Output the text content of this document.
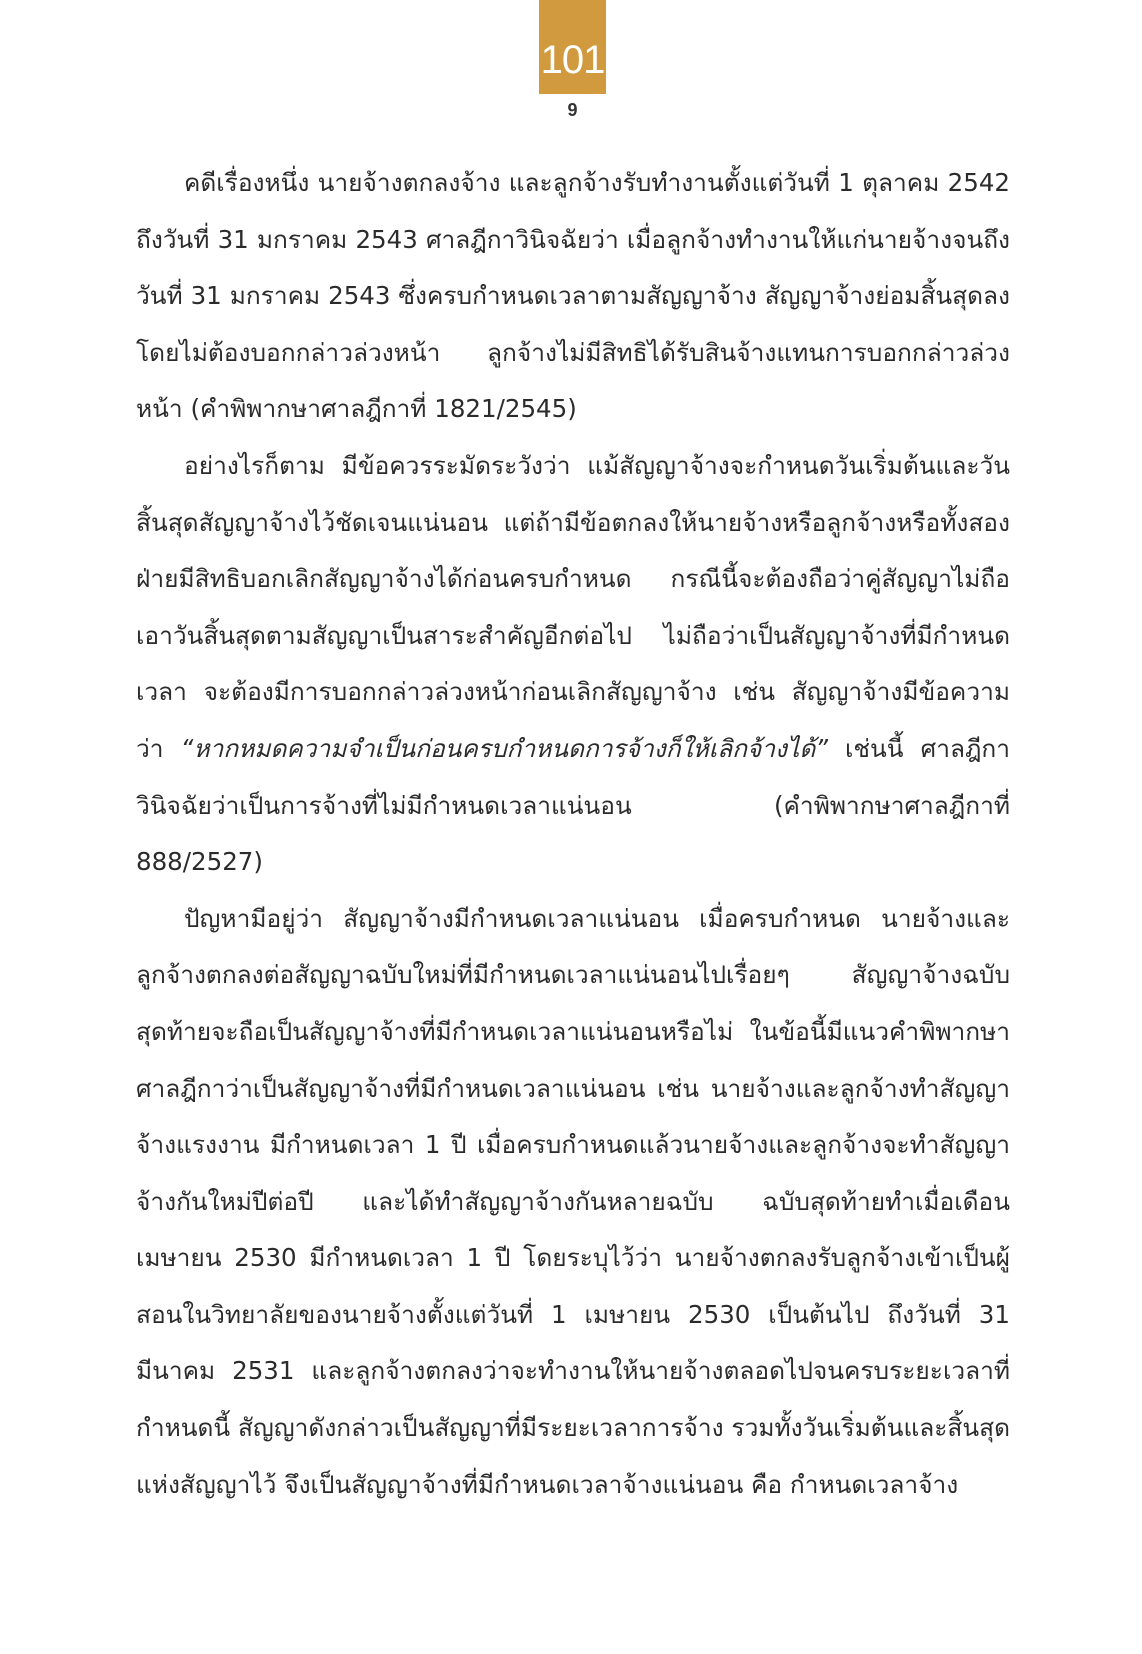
101
9

คดีเรื่องหนึ่ง นายจ้างตกลงจ้าง และลูกจ้างรับทำงานตั้งแต่วันที่ 1 ตุลาคม 2542 ถึงวันที่ 31 มกราคม 2543 ศาลฎีกาวินิจฉัยว่า เมื่อลูกจ้างทำงานให้แก่นายจ้างจนถึงวันที่ 31 มกราคม 2543 ซึ่งครบกำหนดเวลาตามสัญญาจ้าง สัญญาจ้างย่อมสิ้นสุดลงโดยไม่ต้องบอกกล่าวล่วงหน้า ลูกจ้างไม่มีสิทธิได้รับสินจ้างแทนการบอกกล่าวล่วงหน้า (คำพิพากษาศาลฎีกาที่ 1821/2545)

อย่างไรก็ตาม มีข้อควรระมัดระวังว่า แม้สัญญาจ้างจะกำหนดวันเริ่มต้นและวันสิ้นสุดสัญญาจ้างไว้ชัดเจนแน่นอน แต่ถ้ามีข้อตกลงให้นายจ้างหรือลูกจ้างหรือทั้งสองฝ่ายมีสิทธิบอกเลิกสัญญาจ้างได้ก่อนครบกำหนด กรณีนี้จะต้องถือว่าคู่สัญญาไม่ถือเอาวันสิ้นสุดตามสัญญาเป็นสาระสำคัญอีกต่อไป ไม่ถือว่าเป็นสัญญาจ้างที่มีกำหนดเวลา จะต้องมีการบอกกล่าวล่วงหน้าก่อนเลิกสัญญาจ้าง เช่น สัญญาจ้างมีข้อความว่า “หากหมดความจำเป็นก่อนครบกำหนดการจ้างก็ให้เลิกจ้างได้” เช่นนี้ ศาลฎีกาวินิจฉัยว่าเป็นการจ้างที่ไม่มีกำหนดเวลาแน่นอน (คำพิพากษาศาลฎีกาที่ 888/2527)

ปัญหามีอยู่ว่า สัญญาจ้างมีกำหนดเวลาแน่นอน เมื่อครบกำหนด นายจ้างและลูกจ้างตกลงต่อสัญญาฉบับใหม่ที่มีกำหนดเวลาแน่นอนไปเรื่อยๆ สัญญาจ้างฉบับสุดท้ายจะถือเป็นสัญญาจ้างที่มีกำหนดเวลาแน่นอนหรือไม่ ในข้อนี้มีแนวคำพิพากษาศาลฎีกาว่าเป็นสัญญาจ้างที่มีกำหนดเวลาแน่นอน เช่น นายจ้างและลูกจ้างทำสัญญาจ้างแรงงาน มีกำหนดเวลา 1 ปี เมื่อครบกำหนดแล้วนายจ้างและลูกจ้างจะทำสัญญาจ้างกันใหม่ปีต่อปี และได้ทำสัญญาจ้างกันหลายฉบับ ฉบับสุดท้ายทำเมื่อเดือนเมษายน 2530 มีกำหนดเวลา 1 ปี โดยระบุไว้ว่า นายจ้างตกลงรับลูกจ้างเข้าเป็นผู้สอนในวิทยาลัยของนายจ้างตั้งแต่วันที่ 1 เมษายน 2530 เป็นต้นไป ถึงวันที่ 31 มีนาคม 2531 และลูกจ้างตกลงว่าจะทำงานให้นายจ้างตลอดไปจนครบระยะเวลาที่กำหนดนี้ สัญญาดังกล่าวเป็นสัญญาที่มีระยะเวลาการจ้าง รวมทั้งวันเริ่มต้นและสิ้นสุดแห่งสัญญาไว้ จึงเป็นสัญญาจ้างที่มีกำหนดเวลาจ้างแน่นอน คือ กำหนดเวลาจ้าง
